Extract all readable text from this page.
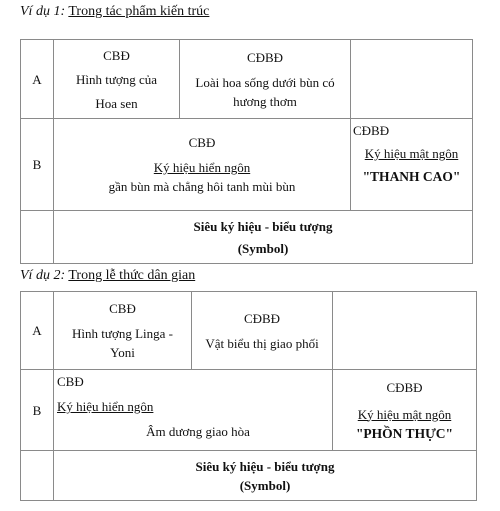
Ví dụ 1: Trong tác phẩm kiến trúc
A	CBĐ
Hình tượng của
Hoa sen	CĐBĐ
Loài hoa sống dưới bùn có
hương thơm	

B	CBĐ
Ký hiệu hiển ngôn
gần bùn mà chẳng hôi tanh mùi bùn		CĐBĐ
Ký hiệu mật ngôn
"THANH CAO"

	Siêu ký hiệu - biểu tượng
(Symbol)		
Ví dụ 2: Trong lễ thức dân gian
A	CBĐ
Hình tượng Linga -
Yoni	CĐBĐ
Vật biểu thị giao phối	

B	CBĐ
Ký hiệu hiển ngôn
Âm dương giao hòa		CĐBĐ
Ký hiệu mật ngôn
"PHỒN THỰC"

	Siêu ký hiệu - biểu tượng
(Symbol)		
